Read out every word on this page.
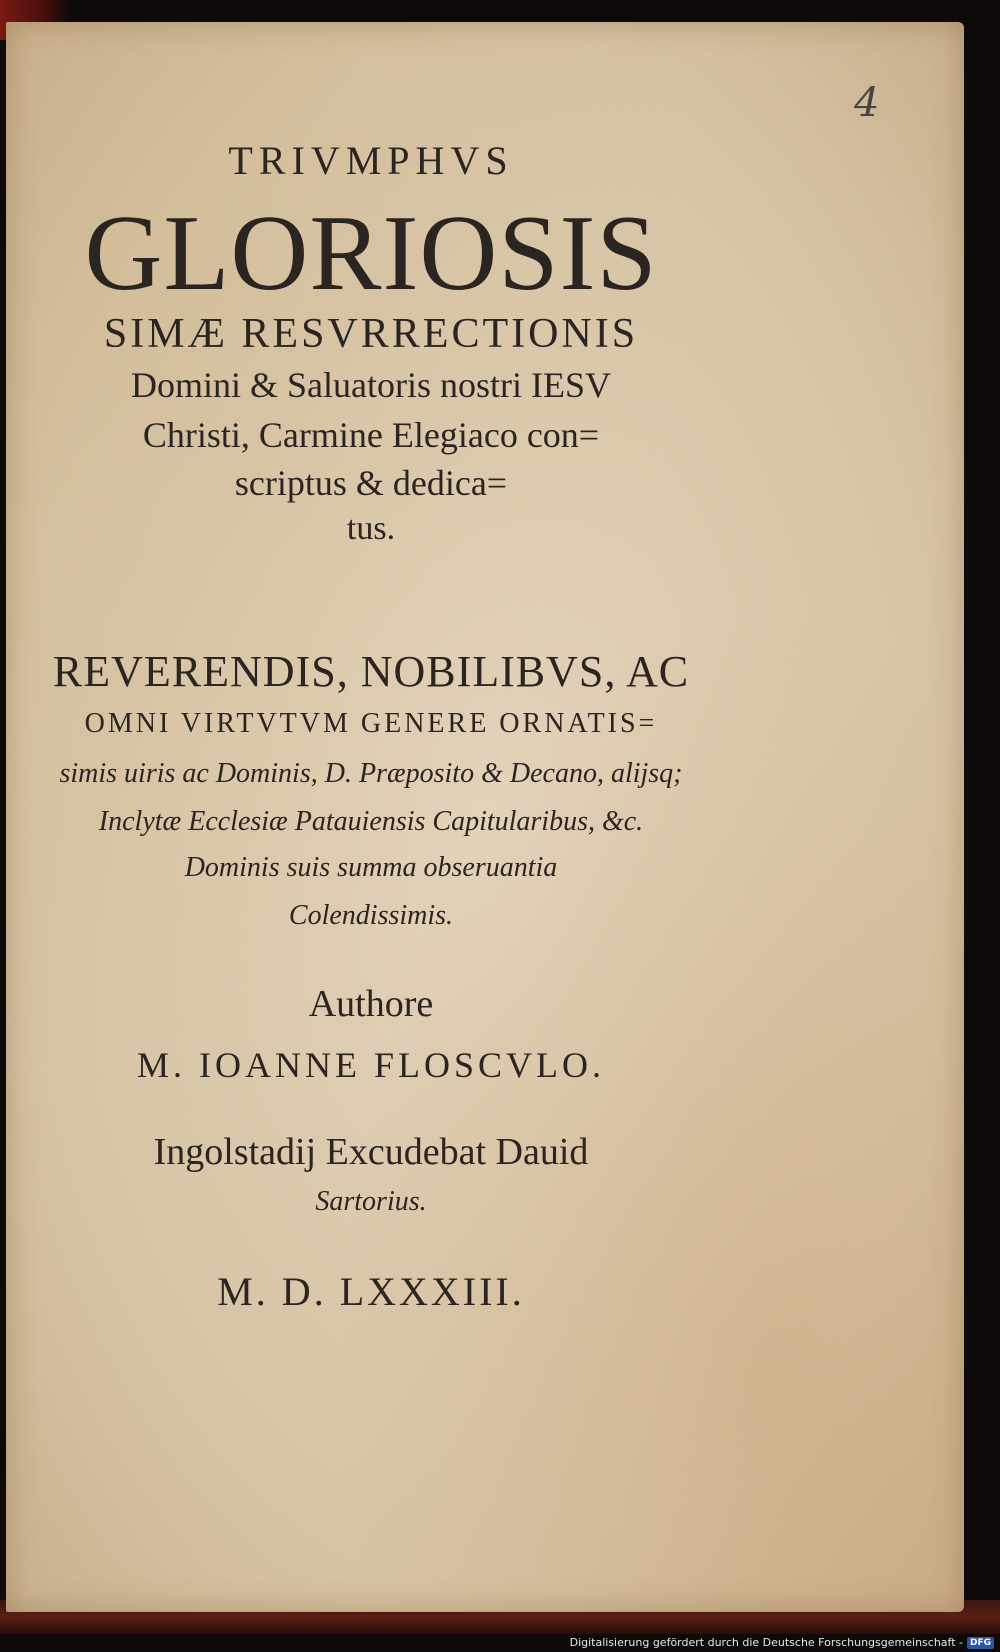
4
TRIVMPHVS
GLORIOSIS
SIMÆ RESVRRECTIONIS
Domini & Saluatoris nostri IESV
Christi, Carmine Elegiaco con=
scriptus & dedica=
tus.
REVERENDIS, NOBILIBVS, AC
OMNI VIRTVTVM GENERE ORNATIS=
simis uiris ac Dominis, D. Præposito & Decano, alijsq;
Inclytæ Ecclesiæ Patauiensis Capitularibus, &c.
Dominis suis summa obseruantia
Colendissimis.
Authore
M. IOANNE FLOSCVLO.
Ingolstadij Excudebat Dauid
Sartorius.
M. D. LXXXIII.
Digitalisierung gefördert durch die Deutsche Forschungsgemeinschaft - DFG
